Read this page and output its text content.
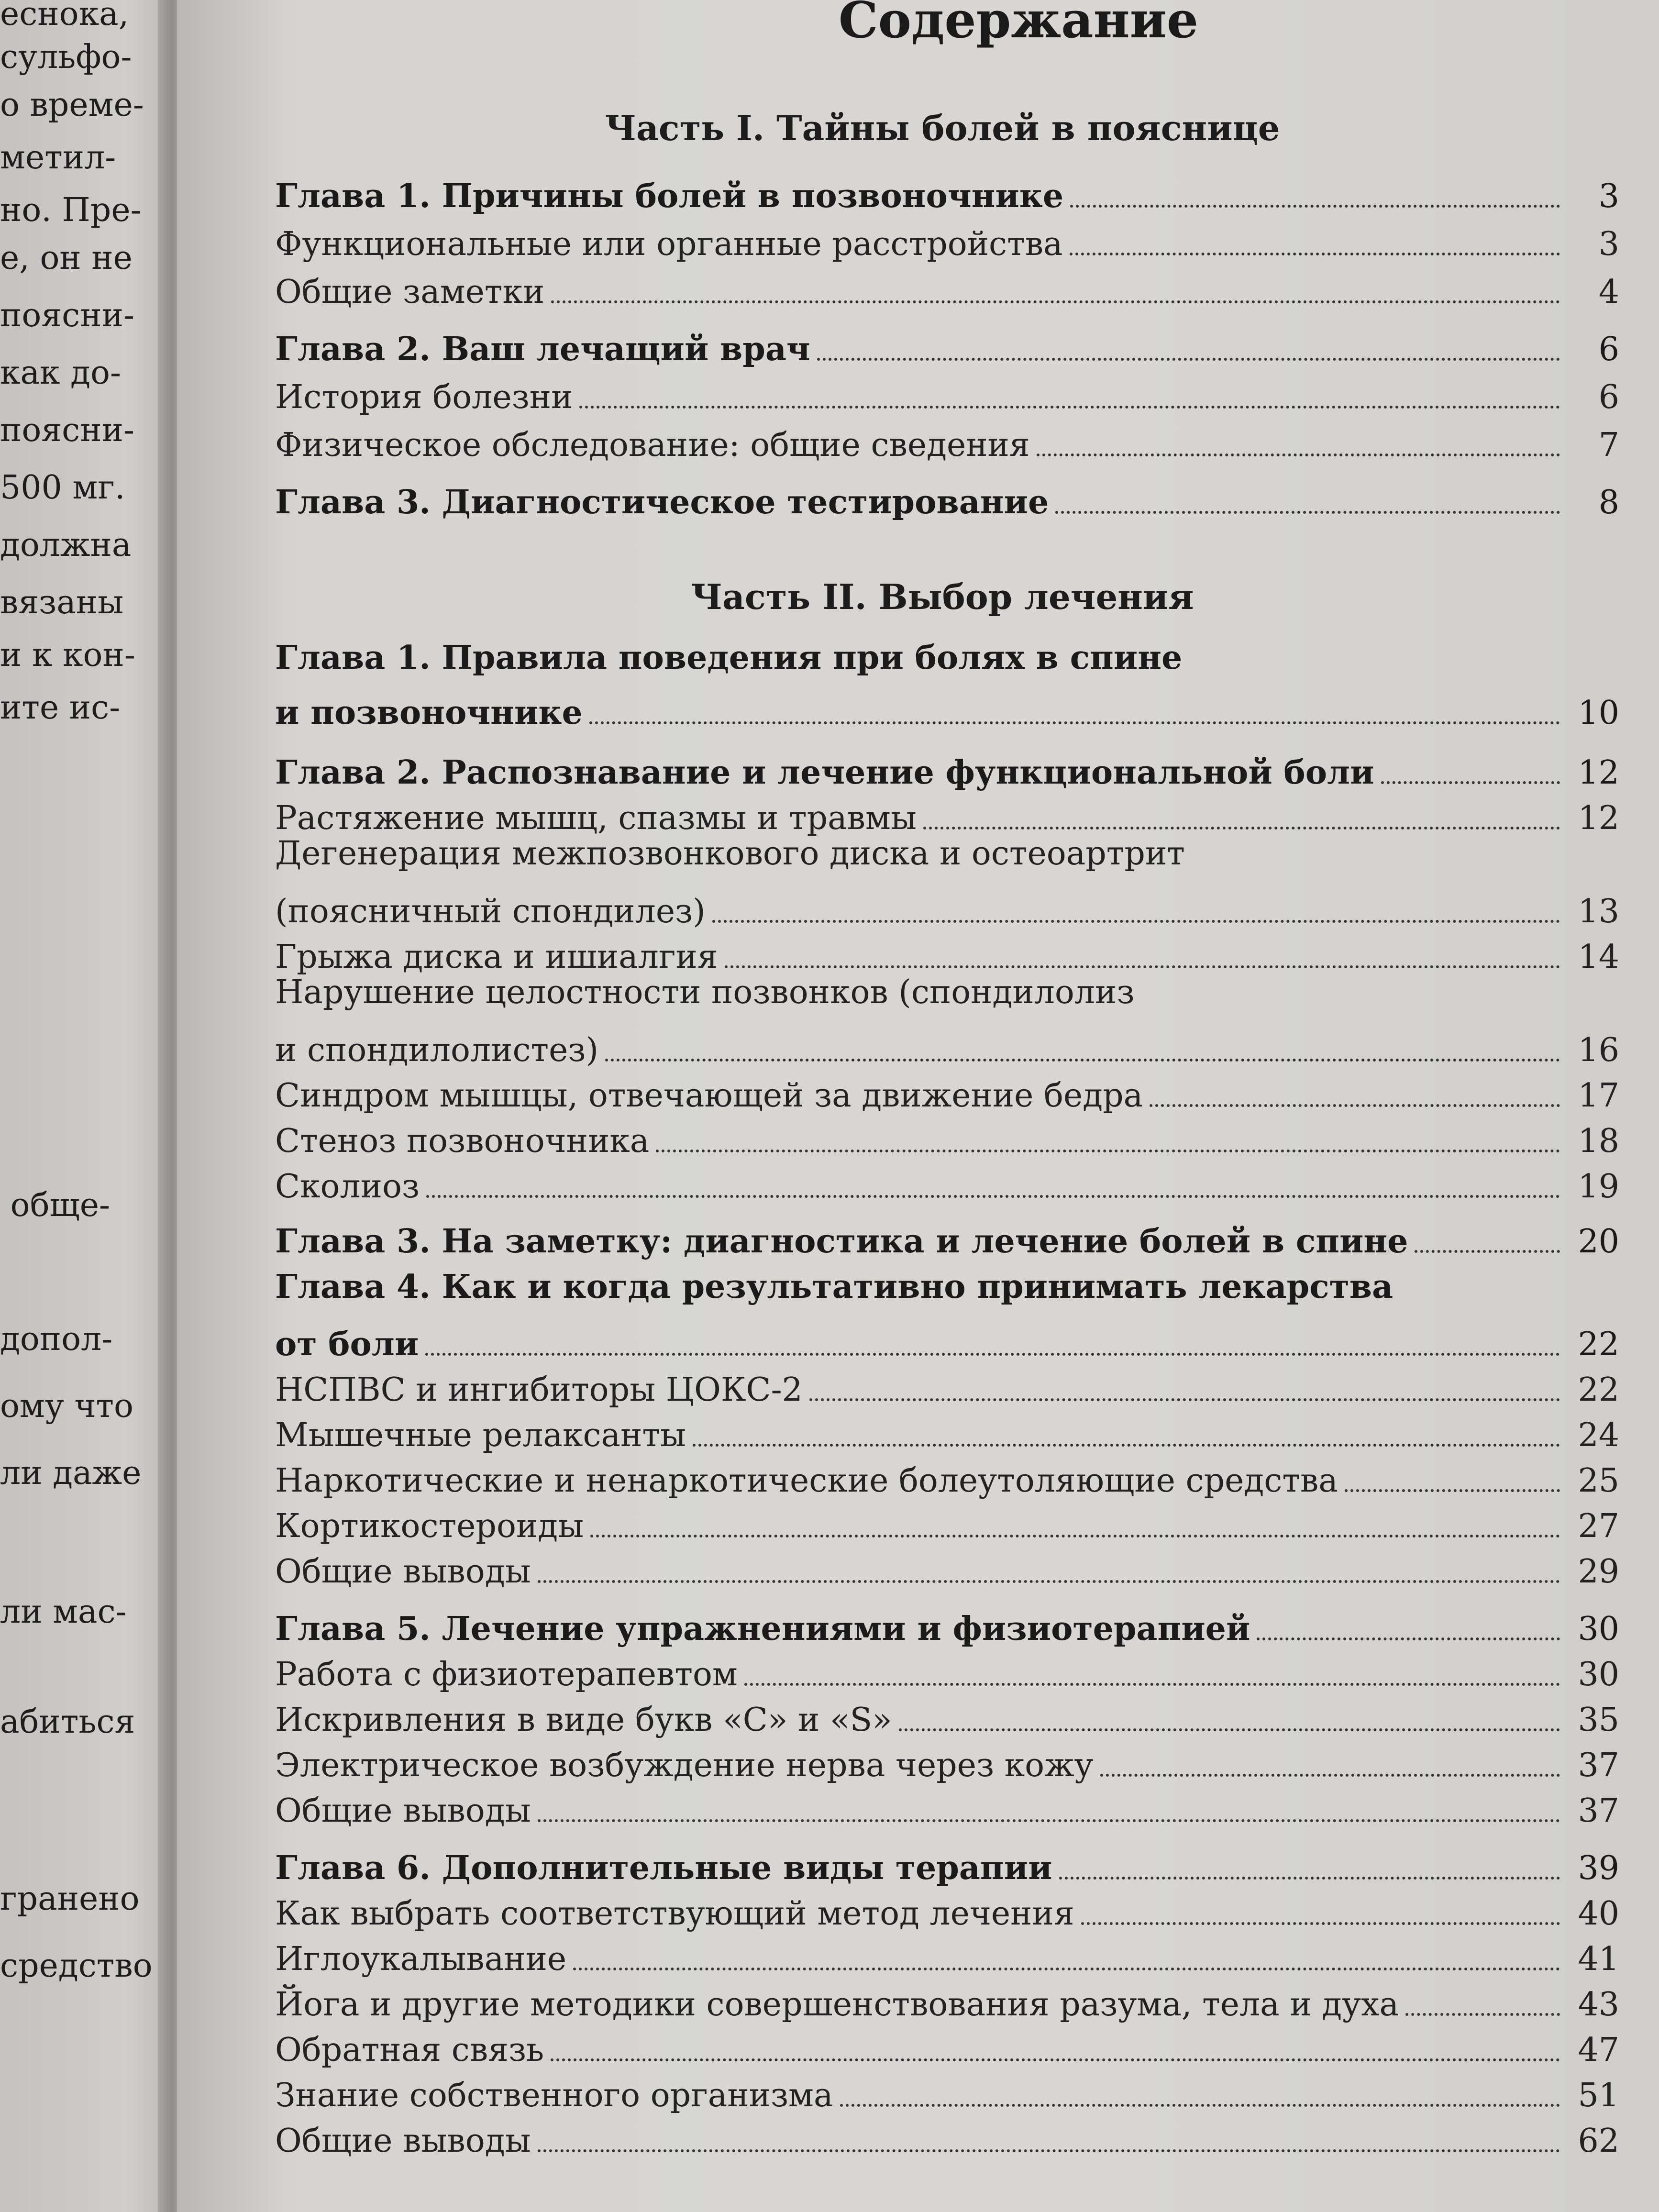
еснока,
сульфо-
о време-
метил-
но. Пре-
е, он не
поясни-
как до-
поясни-
500 мг.
должна
вязаны
и к кон-
ите ис-
общe-
допол-
ому что
ли даже
ли мас-
абиться
гранено
средство
Содержание
Часть I. Тайны болей в пояснице
Глава 1. Причины болей в позвоночнике	3
Функциональные или органные расстройства	3
Общие заметки	4
Глава 2. Ваш лечащий врач	6
История болезни	6
Физическое обследование: общие сведения	7
Глава 3. Диагностическое тестирование	8
Часть II. Выбор лечения
Глава 1. Правила поведения при болях в спине
и позвоночнике	10
Глава 2. Распознавание и лечение функциональной боли	12
Растяжение мышц, спазмы и травмы	12
Дегенерация межпозвонкового диска и остеоартрит
(поясничный спондилез)	13
Грыжа диска и ишиалгия	14
Нарушение целостности позвонков (спондилолиз
и спондилолистез)	16
Синдром мышцы, отвечающей за движение бедра	17
Стеноз позвоночника	18
Сколиоз	19
Глава 3. На заметку: диагностика и лечение болей в спине	20
Глава 4. Как и когда результативно принимать лекарства
от боли	22
НСПВС и ингибиторы ЦОКС-2	22
Мышечные релаксанты	24
Наркотические и ненаркотические болеутоляющие средства	25
Кортикостероиды	27
Общие выводы	29
Глава 5. Лечение упражнениями и физиотерапией	30
Работа с физиотерапевтом	30
Искривления в виде букв «С» и «S»	35
Электрическое возбуждение нерва через кожу	37
Общие выводы	37
Глава 6. Дополнительные виды терапии	39
Как выбрать соответствующий метод лечения	40
Иглоукалывание	41
Йога и другие методики совершенствования разума, тела и духа	43
Обратная связь	47
Знание собственного организма	51
Общие выводы	62
